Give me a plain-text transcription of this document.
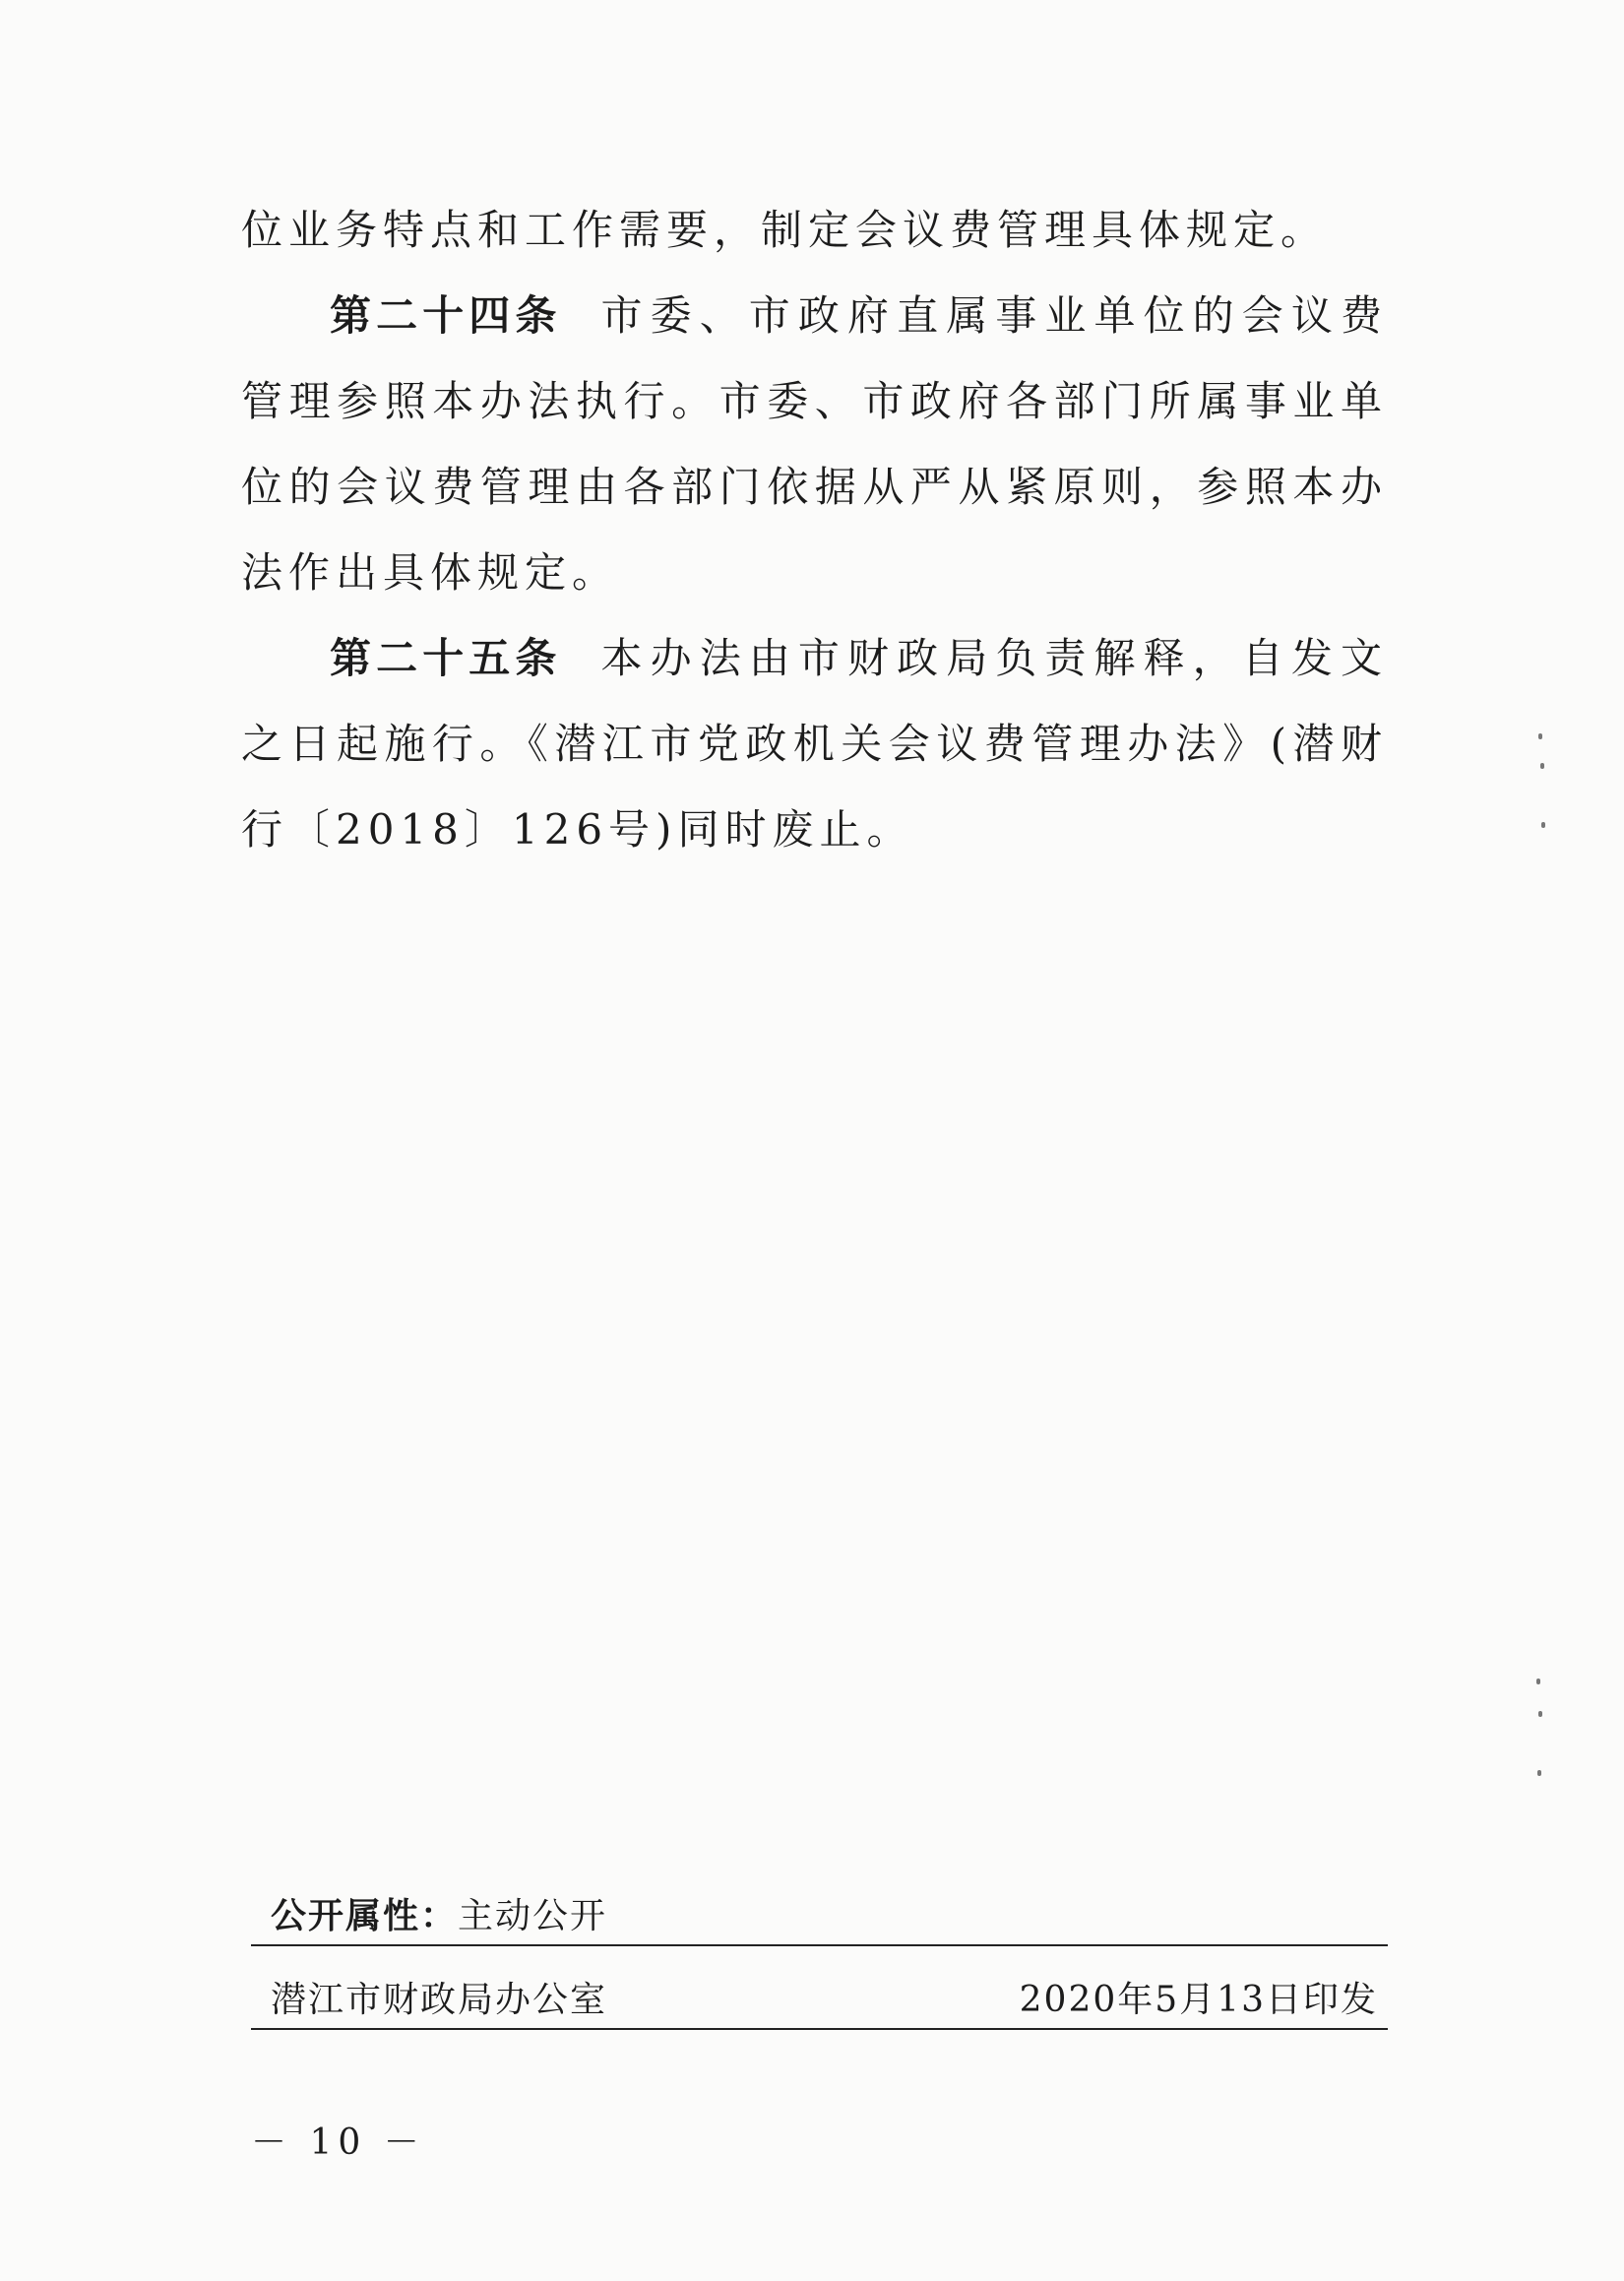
位业务特点和工作需要，制定会议费管理具体规定。

第二十四条 市委、市政府直属事业单位的会议费管理参照本办法执行。市委、市政府各部门所属事业单位的会议费管理由各部门依据从严从紧原则，参照本办法作出具体规定。

第二十五条 本办法由市财政局负责解释，自发文之日起施行。《潜江市党政机关会议费管理办法》(潜财行〔2018〕126号)同时废止。

公开属性：主动公开
潜江市财政局办公室	2020年5月13日印发
－ 10 －
